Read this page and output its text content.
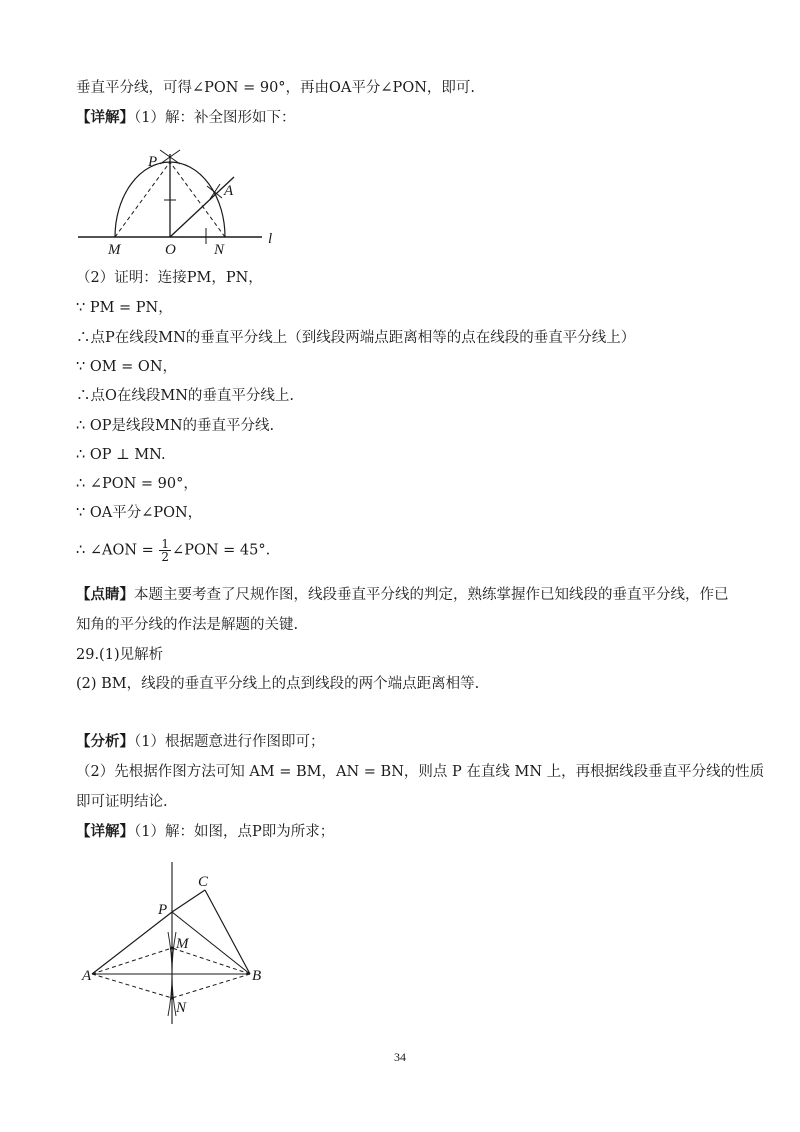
垂直平分线，可得∠PON = 90°，再由OA平分∠PON，即可.
【详解】（1）解：补全图形如下：
P
A
M	O	N
l
（2）证明：连接PM，PN，
∵ PM = PN，
∴点P在线段MN的垂直平分线上（到线段两端点距离相等的点在线段的垂直平分线上）
∵ OM = ON，
∴点O在线段MN的垂直平分线上.
∴ OP是线段MN的垂直平分线.
∴ OP ⊥ MN.
∴ ∠PON = 90°，
∵ OA平分∠PON，
∴ ∠AON = $\frac{1}{2}$ ∠PON = 45°.
【点睛】本题主要考查了尺规作图，线段垂直平分线的判定，熟练掌握作已知线段的垂直平分线，作已
知角的平分线的作法是解题的关键.
29.(1)见解析
(2) BM，线段的垂直平分线上的点到线段的两个端点距离相等.
【分析】（1）根据题意进行作图即可；
（2）先根据作图方法可知 AM = BM，AN = BN，则点 P 在直线 MN 上，再根据线段垂直平分线的性质
即可证明结论.
【详解】（1）解：如图，点P即为所求；
C
P
M
A	B
N
34
